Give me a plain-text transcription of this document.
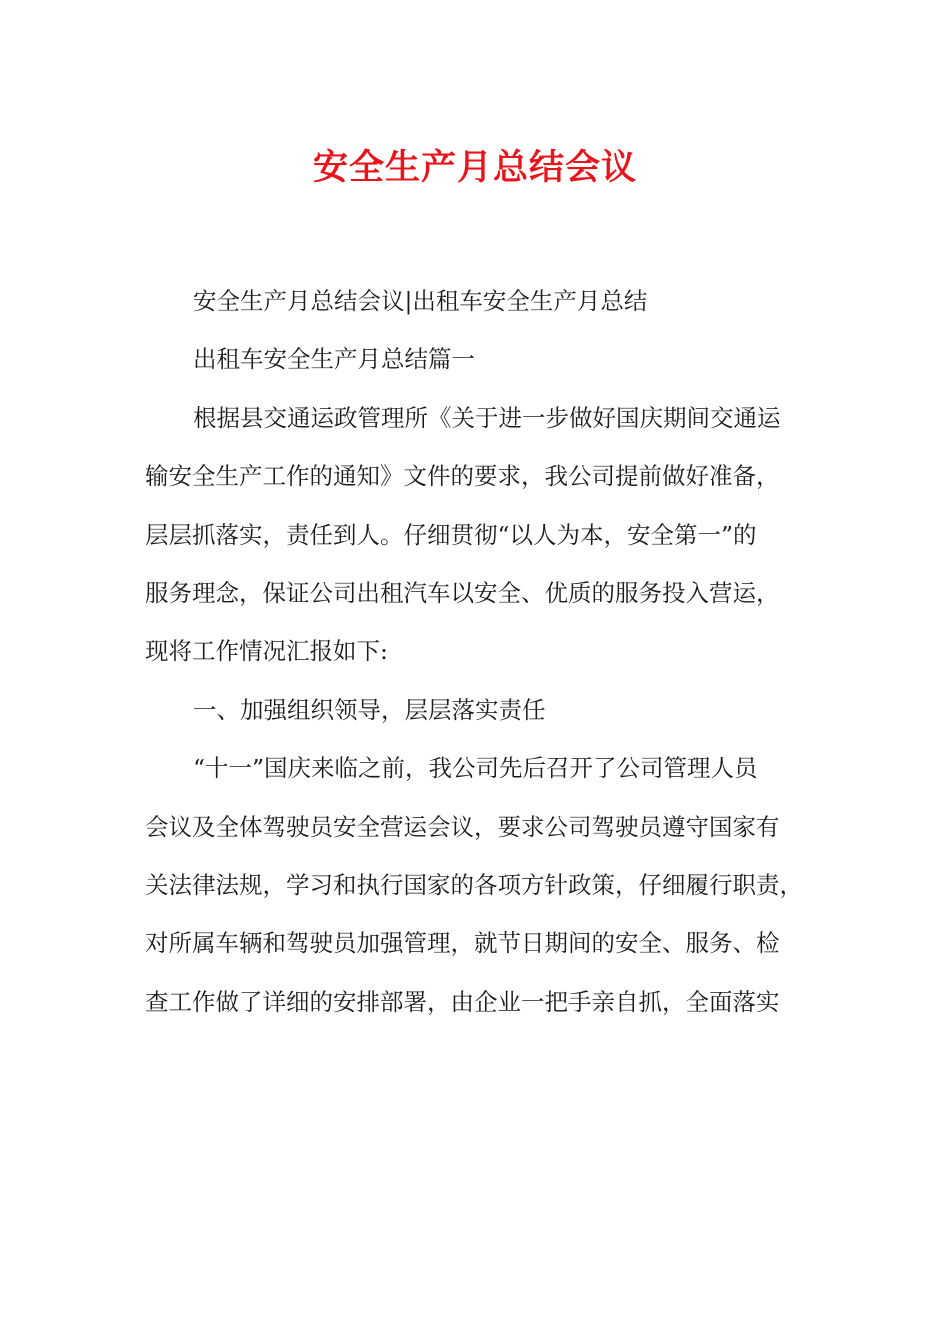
安全生产月总结会议
安全生产月总结会议|出租车安全生产月总结
出租车安全生产月总结篇一
根据县交通运政管理所《关于进一步做好国庆期间交通运
输安全生产工作的通知》文件的要求，我公司提前做好准备，
层层抓落实，责任到人。仔细贯彻“以人为本，安全第一”的
服务理念，保证公司出租汽车以安全、优质的服务投入营运，
现将工作情况汇报如下:
一、加强组织领导，层层落实责任
“十一”国庆来临之前，我公司先后召开了公司管理人员
会议及全体驾驶员安全营运会议，要求公司驾驶员遵守国家有
关法律法规，学习和执行国家的各项方针政策，仔细履行职责，
对所属车辆和驾驶员加强管理，就节日期间的安全、服务、检
查工作做了详细的安排部署，由企业一把手亲自抓，全面落实
